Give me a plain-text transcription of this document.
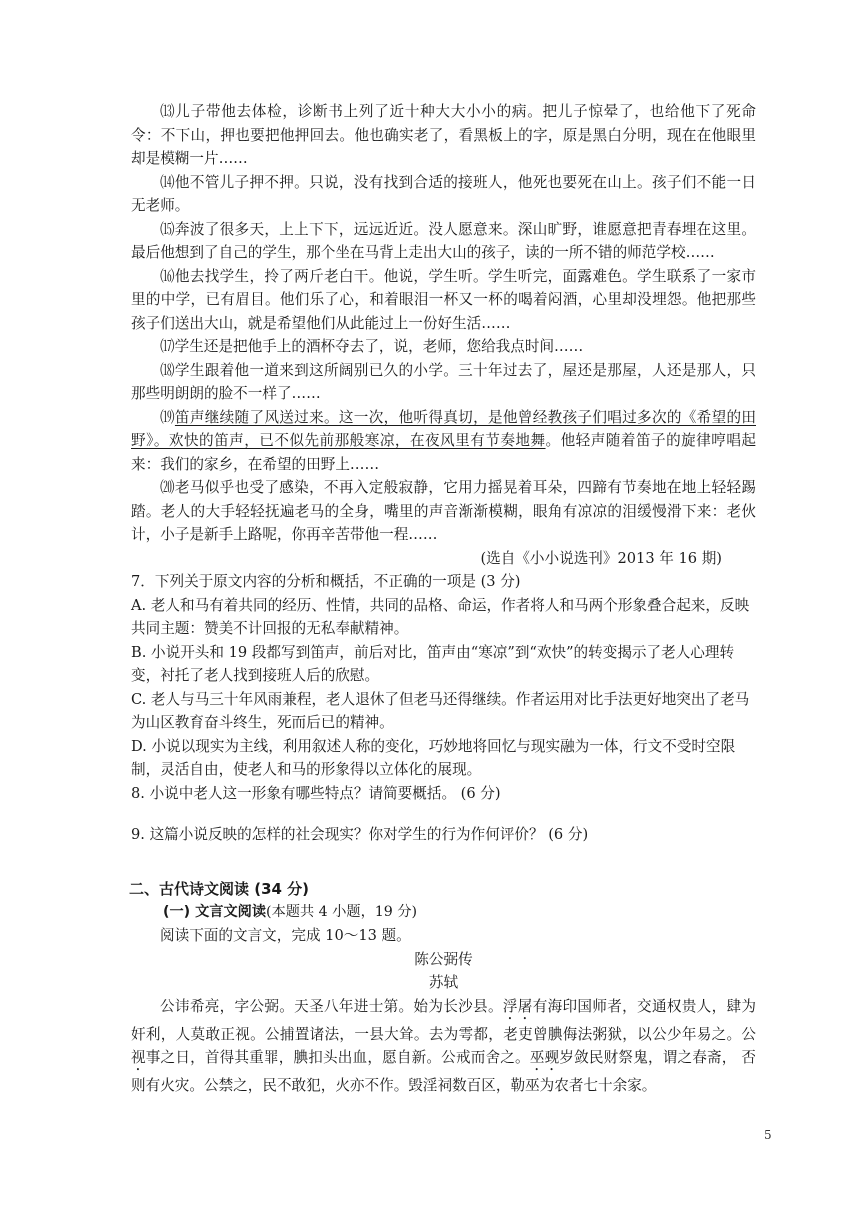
⒀儿子带他去体检，诊断书上列了近十种大大小小的病。把儿子惊晕了，也给他下了死命令：不下山，押也要把他押回去。他也确实老了，看黑板上的字，原是黑白分明，现在在他眼里却是模糊一片……

⒁他不管儿子押不押。只说，没有找到合适的接班人，他死也要死在山上。孩子们不能一日无老师。

⒂奔波了很多天，上上下下，远远近近。没人愿意来。深山旷野，谁愿意把青春埋在这里。最后他想到了自己的学生，那个坐在马背上走出大山的孩子，读的一所不错的师范学校……

⒃他去找学生，拎了两斤老白干。他说，学生听。学生听完，面露难色。学生联系了一家市里的中学，已有眉目。他们乐了心，和着眼泪一杯又一杯的喝着闷酒，心里却没埋怨。他把那些孩子们送出大山，就是希望他们从此能过上一份好生活……

⒄学生还是把他手上的酒杯夺去了，说，老师，您给我点时间……

⒅学生跟着他一道来到这所阔别已久的小学。三十年过去了，屋还是那屋，人还是那人，只那些明朗朗的脸不一样了……

⒆笛声继续随了风送过来。这一次，他听得真切，是他曾经教孩子们唱过多次的《希望的田野》。欢快的笛声，已不似先前那般寒凉，在夜风里有节奏地舞。他轻声随着笛子的旋律哼唱起来：我们的家乡，在希望的田野上……

⒇老马似乎也受了感染，不再入定般寂静，它用力摇晃着耳朵，四蹄有节奏地在地上轻轻踢踏。老人的大手轻轻抚遍老马的全身，嘴里的声音渐渐模糊，眼角有凉凉的泪缓慢滑下来：老伙计，小子是新手上路呢，你再辛苦带他一程……

(选自《小小说选刊》2013 年 16 期)

7．下列关于原文内容的分析和概括，不正确的一项是 (3 分)

A. 老人和马有着共同的经历、性情，共同的品格、命运，作者将人和马两个形象叠合起来，反映共同主题：赞美不计回报的无私奉献精神。

B. 小说开头和 19 段都写到笛声，前后对比，笛声由“寒凉”到“欢快”的转变揭示了老人心理转变，衬托了老人找到接班人后的欣慰。

C. 老人与马三十年风雨兼程，老人退休了但老马还得继续。作者运用对比手法更好地突出了老马为山区教育奋斗终生，死而后已的精神。

D. 小说以现实为主线，利用叙述人称的变化，巧妙地将回忆与现实融为一体，行文不受时空限制，灵活自由，使老人和马的形象得以立体化的展现。

8. 小说中老人这一形象有哪些特点？请简要概括。 (6 分)

9. 这篇小说反映的怎样的社会现实？你对学生的行为作何评价？ (6 分)

二、古代诗文阅读 (34 分)

(一) 文言文阅读(本题共 4 小题，19 分)

阅读下面的文言文，完成 10～13 题。

陈公弼传

苏轼

公讳希亮，字公弼。天圣八年进士第。始为长沙县。浮屠有海印国师者，交通权贵人，肆为奸利，人莫敢正视。公捕置诸法，一县大耸。去为雩都，老吏曾腆侮法粥狱，以公少年易之。公视事之日，首得其重罪，腆扣头出血，愿自新。公戒而舍之。巫觋岁敛民财祭鬼，谓之春斋， 否则有火灾。公禁之，民不敢犯，火亦不作。毁淫祠数百区，勒巫为农者七十余家。

5
